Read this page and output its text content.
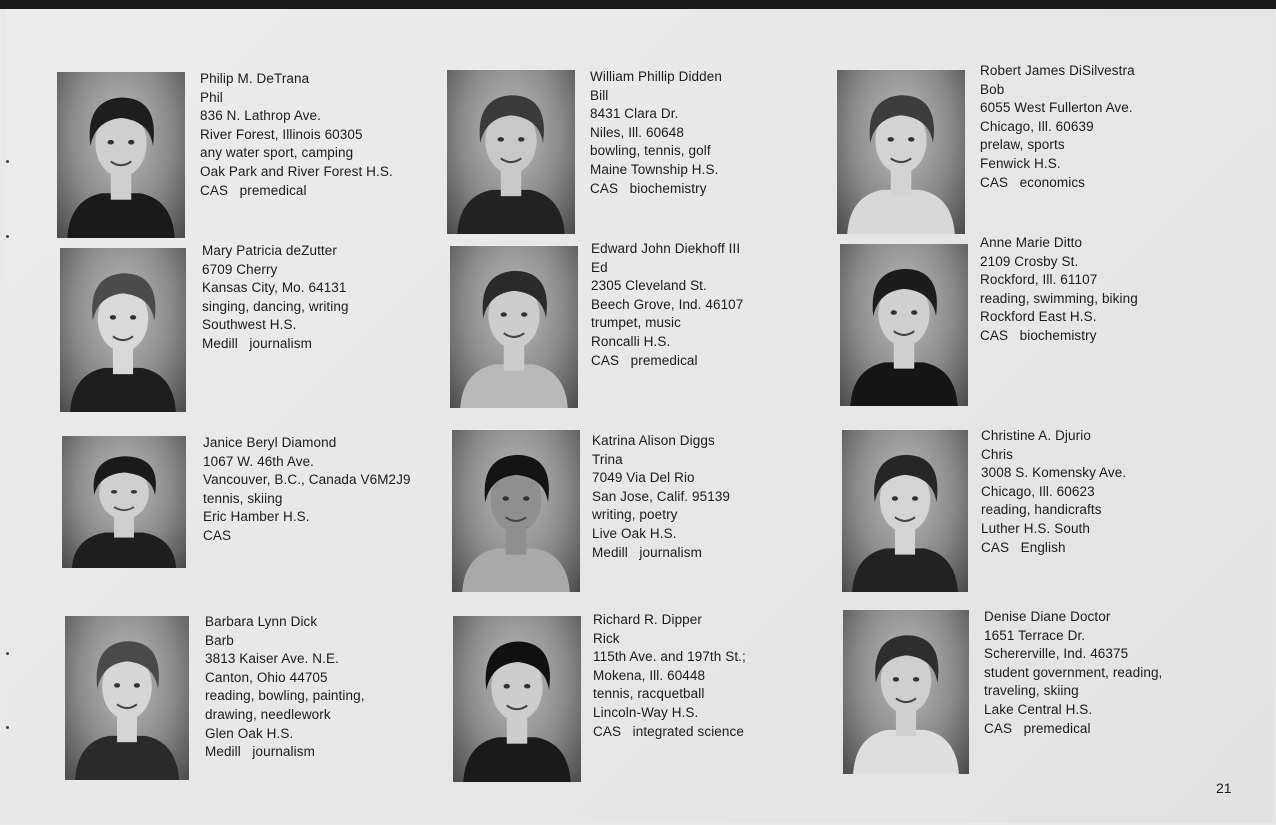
Philip M. DeTrana
Phil
836 N. Lathrop Ave.
River Forest, Illinois 60305
any water sport, camping
Oak Park and River Forest H.S.
CAS   premedical
William Phillip Didden
Bill
8431 Clara Dr.
Niles, Ill. 60648
bowling, tennis, golf
Maine Township H.S.
CAS   biochemistry
Robert James DiSilvestra
Bob
6055 West Fullerton Ave.
Chicago, Ill. 60639
prelaw, sports
Fenwick H.S.
CAS   economics
Mary Patricia deZutter
6709 Cherry
Kansas City, Mo. 64131
singing, dancing, writing
Southwest H.S.
Medill   journalism
Edward John Diekhoff III
Ed
2305 Cleveland St.
Beech Grove, Ind. 46107
trumpet, music
Roncalli H.S.
CAS   premedical
Anne Marie Ditto
2109 Crosby St.
Rockford, Ill. 61107
reading, swimming, biking
Rockford East H.S.
CAS   biochemistry
Janice Beryl Diamond
1067 W. 46th Ave.
Vancouver, B.C., Canada V6M2J9
tennis, skiing
Eric Hamber H.S.
CAS
Katrina Alison Diggs
Trina
7049 Via Del Rio
San Jose, Calif. 95139
writing, poetry
Live Oak H.S.
Medill   journalism
Christine A. Djurio
Chris
3008 S. Komensky Ave.
Chicago, Ill. 60623
reading, handicrafts
Luther H.S. South
CAS   English
Barbara Lynn Dick
Barb
3813 Kaiser Ave. N.E.
Canton, Ohio 44705
reading, bowling, painting,
drawing, needlework
Glen Oak H.S.
Medill   journalism
Richard R. Dipper
Rick
115th Ave. and 197th St.;
Mokena, Ill. 60448
tennis, racquetball
Lincoln-Way H.S.
CAS   integrated science
Denise Diane Doctor
1651 Terrace Dr.
Schererville, Ind. 46375
student government, reading,
traveling, skiing
Lake Central H.S.
CAS   premedical
21
